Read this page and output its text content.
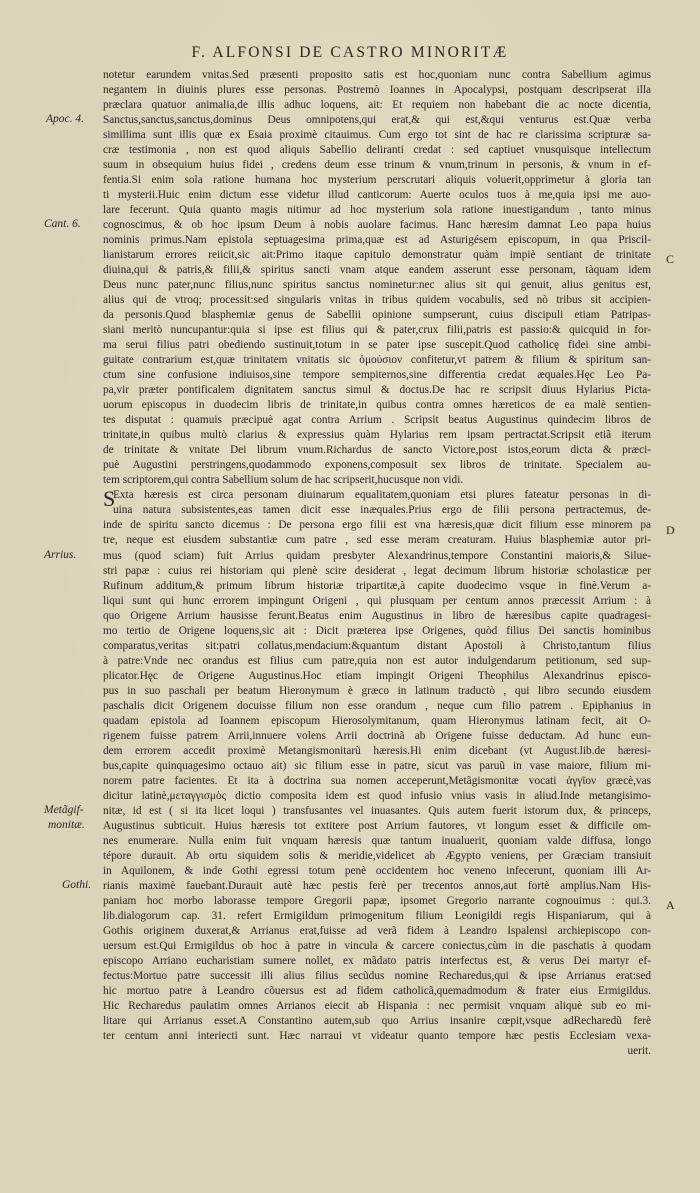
F. ALFONSI DE CASTRO MINORITÆ
notetur earundem vnitas.Sed præsenti proposito satis est hoc,quoniam nunc contra Sabellium agimus
negantem in diuinis plures esse personas. Postremò Ioannes in Apocalypsi, postquam descripserat illa
præclara quatuor animalia,de illis adhuc loquens, ait: Et requiem non habebant die ac nocte dicentia,
Sanctus,sanctus,sanctus,dominus Deus omnipotens,qui erat,& qui est,&qui venturus est.Quæ verba
simillima sunt illis quæ ex Esaia proximè citauimus. Cum ergo tot sint de hac re clarissima scripturæ sa-
cræ testimonia , non est quod aliquis Sabellio deliranti credat : sed captiuet vnusquisque intellectum
suum in obsequium huius fidei , credens deum esse trinum & vnum,trinum in personis, & vnum in ef-
fentia.Si enim sola ratione humana hoc mysterium perscrutari aliquis voluerit,opprimetur à gloria tan
ti mysterii.Huic enim dictum esse videtur illud canticorum: Auerte oculos tuos à me,quia ipsi me auo-
lare fecerunt. Quia quanto magis nitimur ad hoc mysterium sola ratione inuestigandum , tanto minus
cognoscimus, & ob hoc ipsum Deum à nobis auolare facimus. Hanc hæresim damnat Leo papa huius
nominis primus.Nam epistola septuagesima prima,quæ est ad Asturigésem episcopum, in qua Priscil-
lianistarum errores reiicit,sic ait:Primo itaque capitulo demonstratur quàm impiè sentiant de trinitate
diuina,qui & patris,& filii,& spiritus sancti vnam atque eandem asserunt esse personam, tàquam idem
Deus nunc pater,nunc filius,nunc spiritus sanctus nominetur:nec alius sit qui genuit, alius genitus est,
alius qui de vtroq; processit:sed singularis vnitas in tribus quidem vocabulis, sed nò tribus sit accipien-
da personis.Quod blasphemiæ genus de Sabellii opinione sumpserunt, cuius discipuli etiam Patripas-
siani meritò nuncupantur:quia si ipse est filius qui & pater,crux filii,patris est passio:& quicquid in for-
ma serui filius patri obediendo sustinuit,totum in se pater ipse suscepit.Quod catholicę fidei sine ambi-
guitate contrarium est,quæ trinitatem vnitatis sic ὁμούσιον confitetur,vt patrem & filium & spiritum san-
ctum sine confusione indiuisos,sine tempore sempiternos,sine differentia credat æquales.Hęc Leo Pa-
pa,vir præter pontificalem dignitatem sanctus simul & doctus.De hac re scripsit diuus Hylarius Picta-
uorum episcopus in duodecim libris de trinitate,in quibus contra omnes hæreticos de ea malè sentien-
tes disputat : quamuis præcipuè agat contra Arrium . Scripsit beatus Augustinus quindecim libros de
trinitate,in quibus multò clarius & expressius quàm Hylarius rem ipsam pertractat.Scripsit etiã iterum
de trinitate & vnitate Dei librum vnum.Richardus de sancto Victore,post istos,eorum dicta & præci-
puè Augustini perstringens,quodammodo exponens,composuit sex libros de trinitate. Specialem au-
tem scriptorem,qui contra Sabellium solum de hac scripserit,hucusque non vidi.
Exta hæresis est circa personam diuinarum equalitatem,quoniam etsi plures fateatur personas in di-
uina natura subsistentes,eas tamen dicit esse inæquales.Prius ergo de filii persona pertractemus, de-
inde de spiritu sancto dicemus : De persona ergo filii est vna hæresis,quæ dicit filium esse minorem pa
tre, neque est eiusdem substantiæ cum patre , sed esse meram creaturam. Huius blasphemiæ autor pri-
mus (quod sciam) fuit Arrius quidam presbyter Alexandrinus,tempore Constantini maioris,& Silue-
stri papæ : cuius rei historiam qui plenè scire desiderat , legat decimum librum historiæ scholasticæ per
Rufinum additum,& primum librum historiæ tripartitæ,à capite duodecimo vsque in finè.Verum a-
liqui sunt qui hunc errorem impingunt Origeni , qui plusquam per centum annos præcessit Arrium : à
quo Origene Arrium hausisse ferunt.Beatus enim Augustinus in libro de hæresibus capite quadragesi-
mo tertio de Origene loquens,sic ait : Dicit præterea ipse Origenes, quòd filius Dei sanctis hominibus
comparatus,veritas sit:patri collatus,mendacium:&quantum distant Apostoli à Christo,tantum filius
à patre:Vnde nec orandus est filius cum patre,quia non est autor indulgendarum petitionum, sed sup-
plicator.Hęc de Origene Augustinus.Hoc etiam impingit Origeni Theophilus Alexandrinus episco-
pus in suo paschali per beatum Hieronymum è græco in latinum traductò , qui libro secundo eiusdem
paschalis dicit Origenem docuisse filium non esse orandum , neque cum filio patrem . Epiphanius in
quadam epistola ad Ioannem episcopum Hierosolymitanum, quam Hieronymus latinam fecit, ait O-
rigenem fuisse patrem Arrii,innuere volens Arrii doctrinã ab Origene fuisse deductam. Ad hunc eun-
dem errorem accedit proximè Metangismonitarũ hæresis.Hi enim dicebant (vt August.lib.de hæresi-
bus,capite quinquagesimo octauo ait) sic filium esse in patre, sicut vas paruũ in vase maiore, filium mi-
norem patre facientes. Et ita à doctrina sua nomen acceperunt,Metãgismonitæ vocati ἀγγῖον græcè,vas
dicitur latinè,μεταγγισμὸς dictio composita idem est quod infusio vnius vasis in aliud.Inde metangisimo-
nitæ, id est ( si ita licet loqui ) transfusantes vel inuasantes. Quis autem fuerit istorum dux, & princeps,
Augustinus subticuit. Huius hæresis tot extitere post Arrium fautores, vt longum esset & difficile om-
nes enumerare. Nulla enim fuit vnquam hæresis quæ tantum inualuerit, quoniam valde diffusa, longo
tépore durauit. Ab ortu siquidem solis & meridie,videlicet ab Ægypto veniens, per Græciam transiuit
in Aquilonem, & inde Gothi egressi totum penè occidentem hoc veneno infecerunt, quoniam illi Ar-
rianis maximè fauebant.Durauit autè hæc pestis ferè per trecentos annos,aut fortè amplius.Nam His-
paniam hoc morbo laborasse tempore Gregorii papæ, ipsomet Gregorio narrante cognouimus : qui.3.
lib.dialogorum cap. 31. refert Ermigildum primogenitum filium Leonigildi regis Hispaniarum, qui à
Gothis originem duxerat,& Arrianus erat,fuisse ad verã fidem à Leandro Ispalensi archiepiscopo con-
uersum est.Qui Ermigildus ob hoc à patre in vincula & carcere coniectus,cùm in die paschatis à quodam
episcopo Arriano eucharistiam sumere nollet, ex mãdato patris interfectus est, & verus Dei martyr ef-
fectus:Mortuo patre successit illi alius filius secũdus nomine Recharedus,qui & ipse Arrianus erat:sed
hic mortuo patre à Leandro cõuersus est ad fidem catholicã,quemadmodum & frater eius Ermigildus.
Hic Recharedus paulatim omnes Arrianos eiecit ab Hispania : nec permisit vnquam aliquè sub eo mi-
litare qui Arrianus esset.A Constantino autem,sub quo Arrius insanire cœpit,vsque adRecharedũ ferè
ter centum anni interiecti sunt. Hæc narraui vt videatur quanto tempore hæc pestis Ecclesiam vexa-
uerit.
Apoc. 4.
Cant. 6.
Arrius.
Metãgif-
monitæ.
Gothi.
C
D
A
S
